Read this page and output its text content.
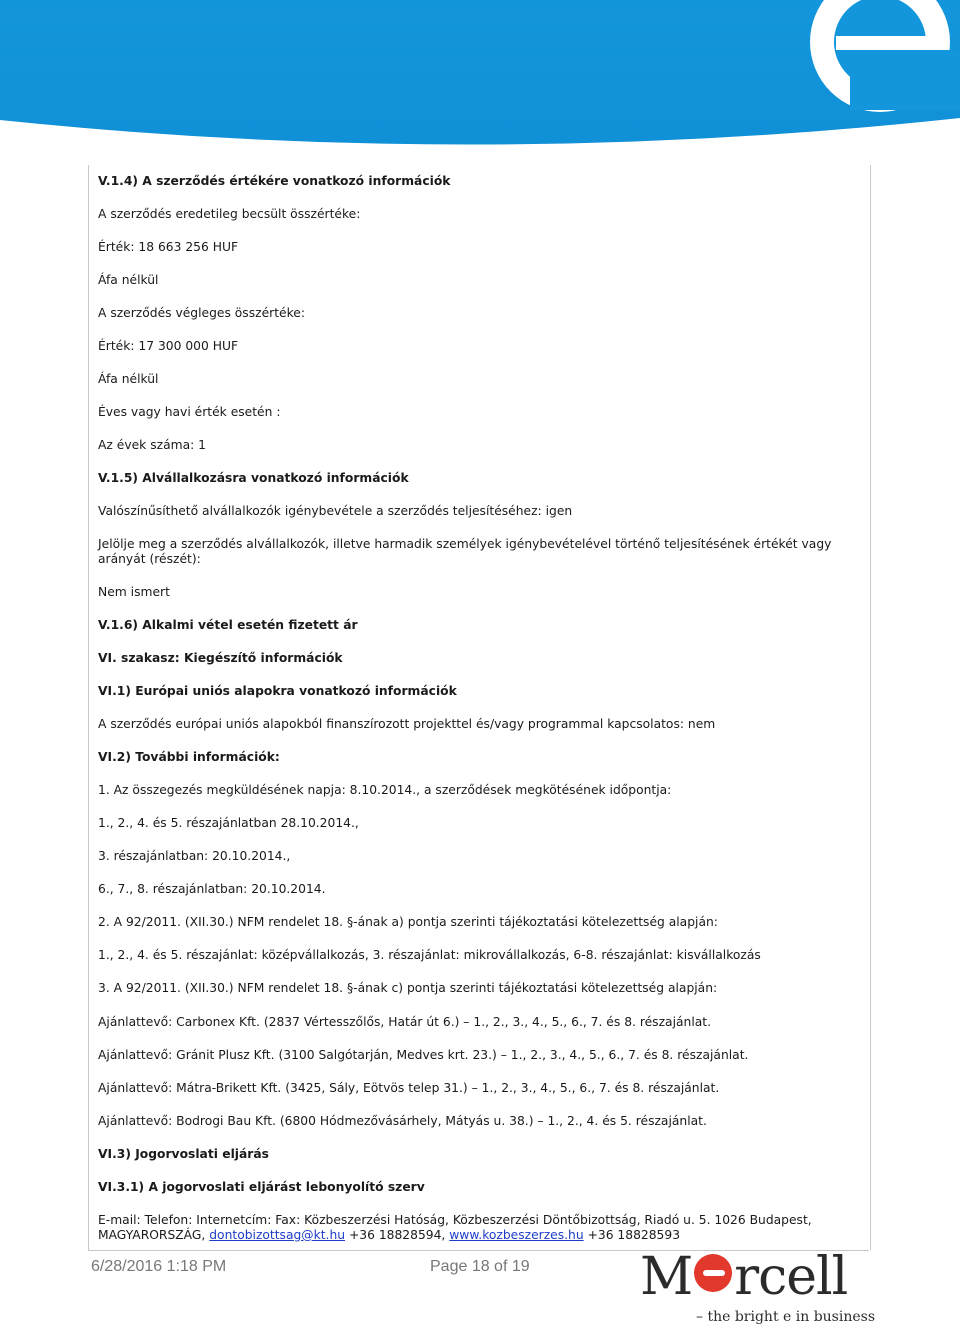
V.1.4) A szerződés értékére vonatkozó információk
A szerződés eredetileg becsült összértéke:
Érték: 18 663 256 HUF
Áfa nélkül
A szerződés végleges összértéke:
Érték: 17 300 000 HUF
Áfa nélkül
Éves vagy havi érték esetén :
Az évek száma: 1
V.1.5) Alvállalkozásra vonatkozó információk
Valószínűsíthető alvállalkozók igénybevétele a szerződés teljesítéséhez: igen
Jelölje meg a szerződés alvállalkozók, illetve harmadik személyek igénybevételével történő teljesítésének értékét vagy arányát (részét):
Nem ismert
V.1.6) Alkalmi vétel esetén fizetett ár
VI. szakasz: Kiegészítő információk
VI.1) Európai uniós alapokra vonatkozó információk
A szerződés európai uniós alapokból finanszírozott projekttel és/vagy programmal kapcsolatos: nem
VI.2) További információk:
1. Az összegezés megküldésének napja: 8.10.2014., a szerződések megkötésének időpontja:
1., 2., 4. és 5. részajánlatban 28.10.2014.,
3. részajánlatban: 20.10.2014.,
6., 7., 8. részajánlatban: 20.10.2014.
2. A 92/2011. (XII.30.) NFM rendelet 18. §-ának a) pontja szerinti tájékoztatási kötelezettség alapján:
1., 2., 4. és 5. részajánlat: középvállalkozás, 3. részajánlat: mikrovállalkozás, 6-8. részajánlat: kisvállalkozás
3. A 92/2011. (XII.30.) NFM rendelet 18. §-ának c) pontja szerinti tájékoztatási kötelezettség alapján:
Ajánlattevő: Carbonex Kft. (2837 Vértesszőlős, Határ út 6.) – 1., 2., 3., 4., 5., 6., 7. és 8. részajánlat.
Ajánlattevő: Gránit Plusz Kft. (3100 Salgótarján, Medves krt. 23.) – 1., 2., 3., 4., 5., 6., 7. és 8. részajánlat.
Ajánlattevő: Mátra-Brikett Kft. (3425, Sály, Eötvös telep 31.) – 1., 2., 3., 4., 5., 6., 7. és 8. részajánlat.
Ajánlattevő: Bodrogi Bau Kft. (6800 Hódmezővásárhely, Mátyás u. 38.) – 1., 2., 4. és 5. részajánlat.
VI.3) Jogorvoslati eljárás
VI.3.1) A jogorvoslati eljárást lebonyolító szerv
E-mail: Telefon: Internetcím: Fax: Közbeszerzési Hatóság, Közbeszerzési Döntőbizottság, Riadó u. 5. 1026 Budapest,
MAGYARORSZÁG, dontobizottsag@kt.hu +36 18828594, www.kozbeszerzes.hu +36 18828593
6/28/2016 1:18 PM	Page 18 of 19 M rcell
– the bright e in business
